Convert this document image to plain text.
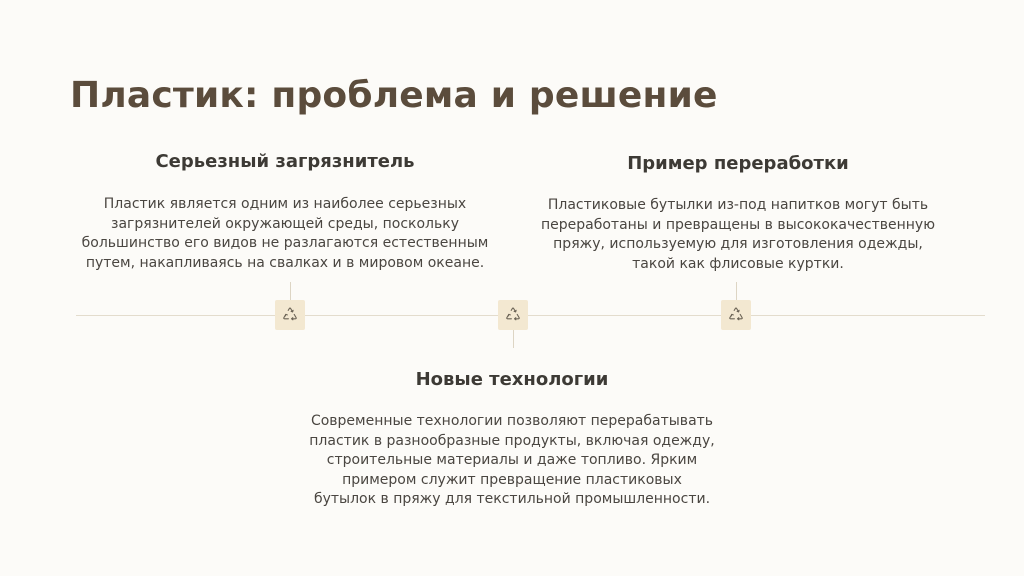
Пластик: проблема и решение
Серьезный загрязнитель

Пластик является одним из наиболее серьезных
загрязнителей окружающей среды, поскольку
большинство его видов не разлагаются естественным
путем, накапливаясь на свалках и в мировом океане.

Пример переработки

Пластиковые бутылки из-под напитков могут быть
переработаны и превращены в высококачественную
пряжу, используемую для изготовления одежды,
такой как флисовые куртки.

Новые технологии

Современные технологии позволяют перерабатывать
пластик в разнообразные продукты, включая одежду,
строительные материалы и даже топливо. Ярким
примером служит превращение пластиковых
бутылок в пряжу для текстильной промышленности.
